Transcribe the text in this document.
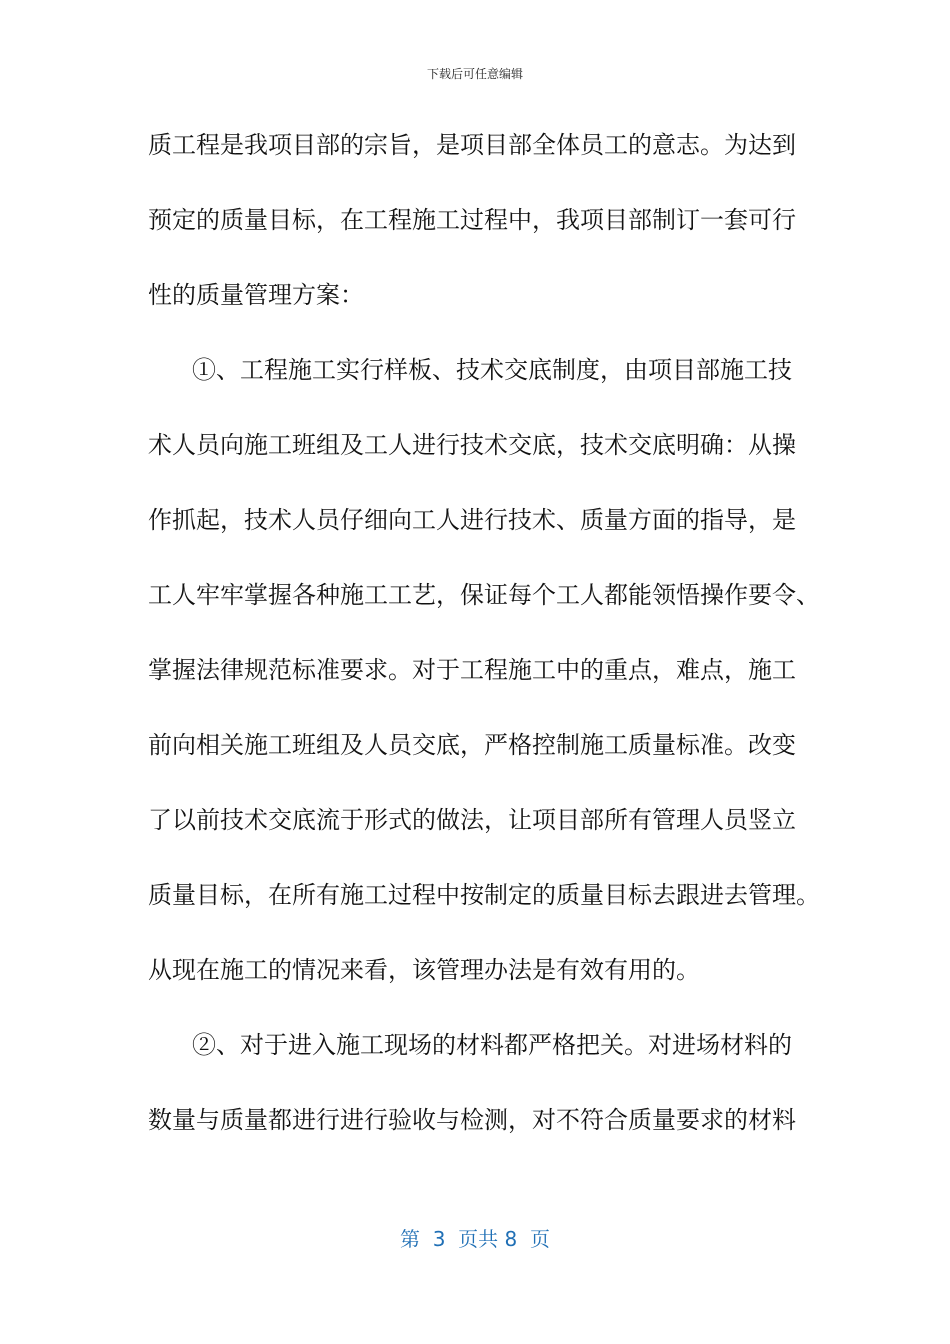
下载后可任意编辑
质工程是我项目部的宗旨，是项目部全体员工的意志。为达到
预定的质量目标，在工程施工过程中，我项目部制订一套可行
性的质量管理方案：
①、工程施工实行样板、技术交底制度，由项目部施工技
术人员向施工班组及工人进行技术交底，技术交底明确：从操
作抓起，技术人员仔细向工人进行技术、质量方面的指导，是
工人牢牢掌握各种施工工艺，保证每个工人都能领悟操作要令、
掌握法律规范标准要求。对于工程施工中的重点，难点，施工
前向相关施工班组及人员交底，严格控制施工质量标准。改变
了以前技术交底流于形式的做法，让项目部所有管理人员竖立
质量目标，在所有施工过程中按制定的质量目标去跟进去管理。
从现在施工的情况来看，该管理办法是有效有用的。
②、对于进入施工现场的材料都严格把关。对进场材料的
数量与质量都进行进行验收与检测，对不符合质量要求的材料
第  3  页共 8  页
